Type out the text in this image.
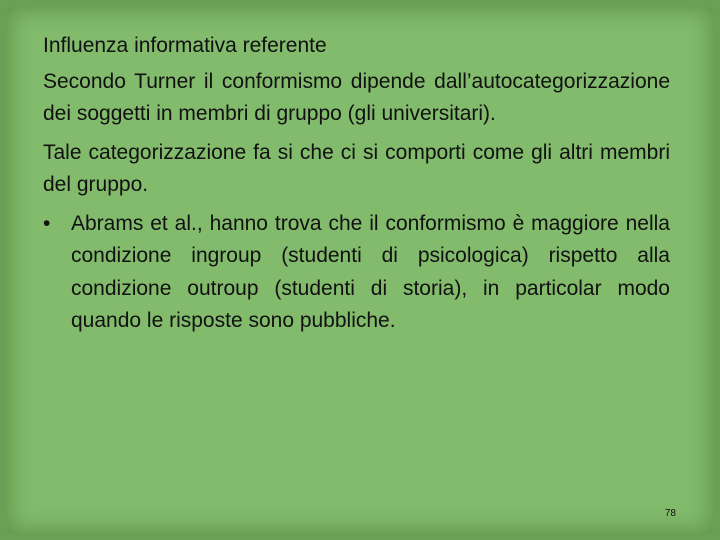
Influenza informativa referente

Secondo Turner il conformismo dipende dall’autocategorizzazione dei soggetti in membri di gruppo (gli universitari).

Tale categorizzazione fa si che ci si comporti come gli altri membri del gruppo.

• Abrams et al., hanno trova che il conformismo è maggiore nella condizione ingroup (studenti di psicologica) rispetto alla condizione outroup (studenti di storia), in particolar modo quando le risposte sono pubbliche.
78
